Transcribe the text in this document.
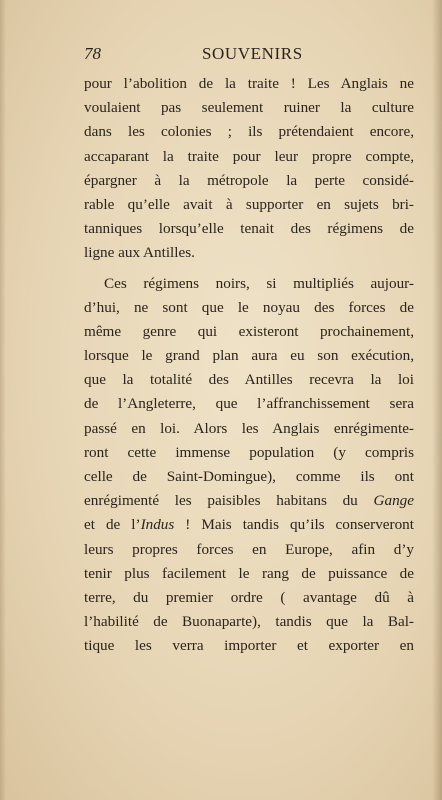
78	SOUVENIRS
pour l’abolition de la traite ! Les Anglais ne
voulaient pas seulement ruiner la culture
dans les colonies ; ils prétendaient encore,
accaparant la traite pour leur propre compte,
épargner à la métropole la perte considé-
rable qu’elle avait à supporter en sujets bri-
tanniques lorsqu’elle tenait des régimens de
ligne aux Antilles.
Ces régimens noirs, si multipliés aujour-
d’hui, ne sont que le noyau des forces de
même genre qui existeront prochainement,
lorsque le grand plan aura eu son exécution,
que la totalité des Antilles recevra la loi
de l’Angleterre, que l’affranchissement sera
passé en loi. Alors les Anglais enrégimente-
ront cette immense population (y compris
celle de Saint-Domingue), comme ils ont
enrégimenté les paisibles habitans du Gange
et de l’Indus ! Mais tandis qu’ils conserveront
leurs propres forces en Europe, afin d’y
tenir plus facilement le rang de puissance de
terre, du premier ordre ( avantage dû à
l’habilité de Buonaparte), tandis que la Bal-
tique les verra importer et exporter en
